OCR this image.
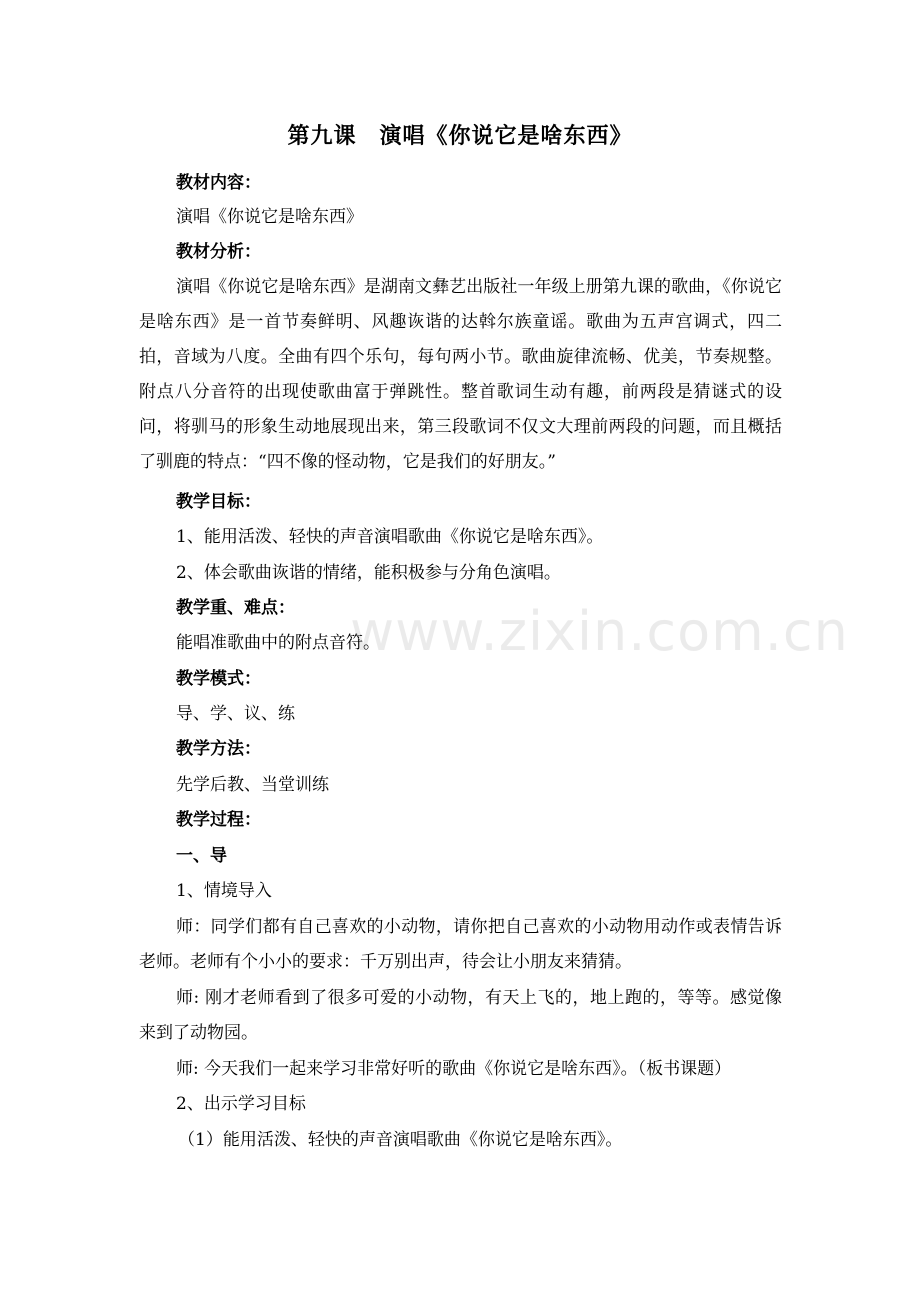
第九课　演唱《你说它是啥东西》
教材内容：
演唱《你说它是啥东西》
教材分析：
演唱《你说它是啥东西》是湖南文彝艺出版社一年级上册第九课的歌曲，《你说它是啥东西》是一首节奏鲜明、风趣诙谐的达斡尔族童谣。歌曲为五声宫调式，四二拍，音域为八度。全曲有四个乐句，每句两小节。歌曲旋律流畅、优美，节奏规整。附点八分音符的出现使歌曲富于弹跳性。整首歌词生动有趣，前两段是猜谜式的设问，将驯马的形象生动地展现出来，第三段歌词不仅文大理前两段的问题，而且概括了驯鹿的特点：“四不像的怪动物，它是我们的好朋友。”
教学目标：
1、能用活泼、轻快的声音演唱歌曲《你说它是啥东西》。
2、体会歌曲诙谐的情绪，能积极参与分角色演唱。
教学重、难点：
能唱准歌曲中的附点音符。
教学模式：
导、学、议、练
教学方法：
先学后教、当堂训练
教学过程：
一、导
1、情境导入
师：同学们都有自己喜欢的小动物，请你把自己喜欢的小动物用动作或表情告诉老师。老师有个小小的要求：千万别出声，待会让小朋友来猜猜。
师: 刚才老师看到了很多可爱的小动物，有天上飞的，地上跑的，等等。感觉像来到了动物园。
师: 今天我们一起来学习非常好听的歌曲《你说它是啥东西》。（板书课题）
2、出示学习目标
（1）能用活泼、轻快的声音演唱歌曲《你说它是啥东西》。
www.zixin.com.cn
